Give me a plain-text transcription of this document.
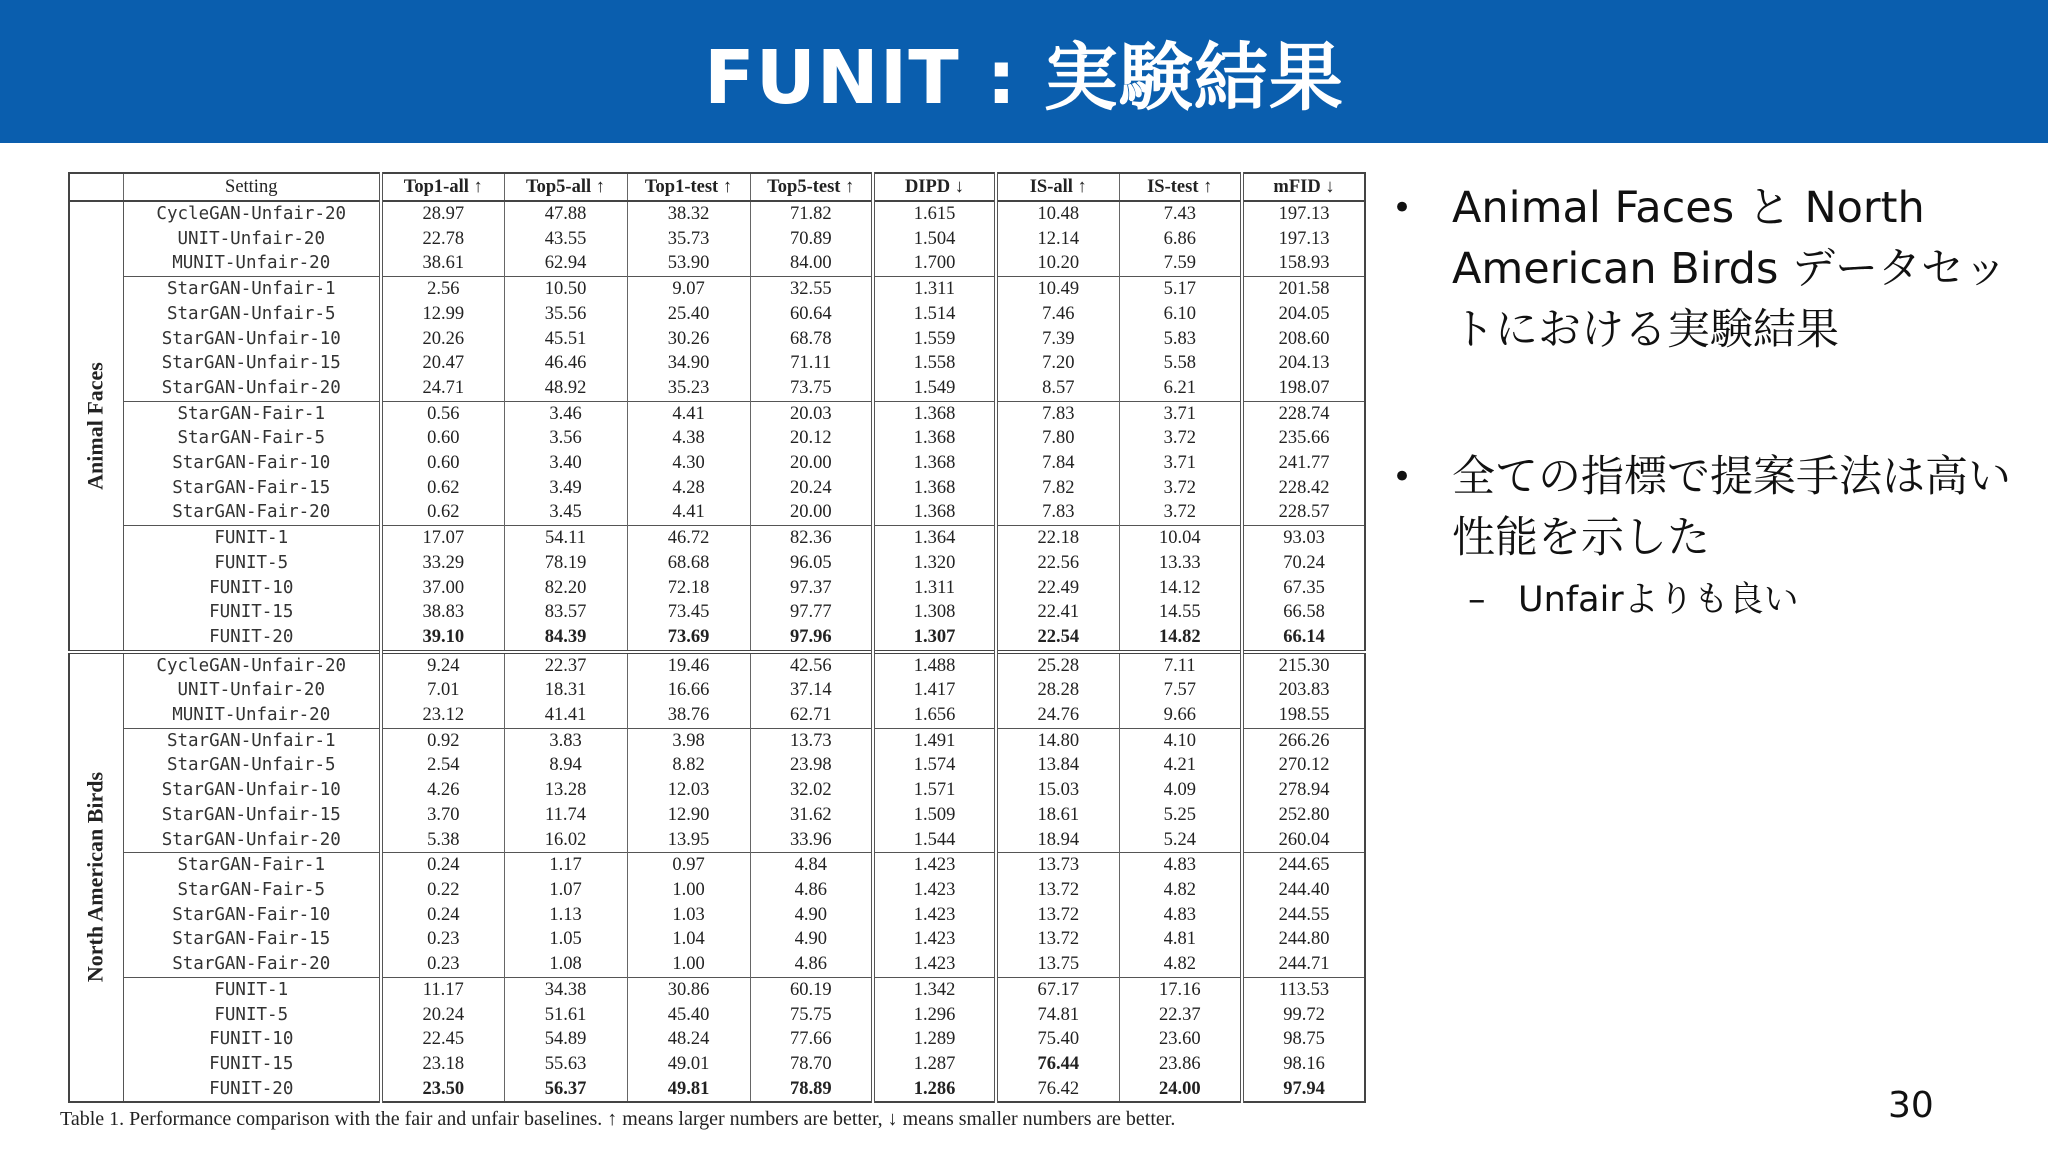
FUNIT : 実験結果
	Setting	Top1-all ↑	Top5-all ↑	Top1-test ↑	Top5-test ↑	DIPD ↓	IS-all ↑	IS-test ↑	mFID ↓

Animal Faces	CycleGAN-Unfair-20	28.97	47.88	38.32	71.82	1.615	10.48	7.43	197.13
	UNIT-Unfair-20	22.78	43.55	35.73	70.89	1.504	12.14	6.86	197.13
	MUNIT-Unfair-20	38.61	62.94	53.90	84.00	1.700	10.20	7.59	158.93
	StarGAN-Unfair-1	2.56	10.50	9.07	32.55	1.311	10.49	5.17	201.58
	StarGAN-Unfair-5	12.99	35.56	25.40	60.64	1.514	7.46	6.10	204.05
	StarGAN-Unfair-10	20.26	45.51	30.26	68.78	1.559	7.39	5.83	208.60
	StarGAN-Unfair-15	20.47	46.46	34.90	71.11	1.558	7.20	5.58	204.13
	StarGAN-Unfair-20	24.71	48.92	35.23	73.75	1.549	8.57	6.21	198.07
	StarGAN-Fair-1	0.56	3.46	4.41	20.03	1.368	7.83	3.71	228.74
	StarGAN-Fair-5	0.60	3.56	4.38	20.12	1.368	7.80	3.72	235.66
	StarGAN-Fair-10	0.60	3.40	4.30	20.00	1.368	7.84	3.71	241.77
	StarGAN-Fair-15	0.62	3.49	4.28	20.24	1.368	7.82	3.72	228.42
	StarGAN-Fair-20	0.62	3.45	4.41	20.00	1.368	7.83	3.72	228.57
	FUNIT-1	17.07	54.11	46.72	82.36	1.364	22.18	10.04	93.03
	FUNIT-5	33.29	78.19	68.68	96.05	1.320	22.56	13.33	70.24
	FUNIT-10	37.00	82.20	72.18	97.37	1.311	22.49	14.12	67.35
	FUNIT-15	38.83	83.57	73.45	97.77	1.308	22.41	14.55	66.58
	FUNIT-20	39.10	84.39	73.69	97.96	1.307	22.54	14.82	66.14

North American Birds	CycleGAN-Unfair-20	9.24	22.37	19.46	42.56	1.488	25.28	7.11	215.30
	UNIT-Unfair-20	7.01	18.31	16.66	37.14	1.417	28.28	7.57	203.83
	MUNIT-Unfair-20	23.12	41.41	38.76	62.71	1.656	24.76	9.66	198.55
	StarGAN-Unfair-1	0.92	3.83	3.98	13.73	1.491	14.80	4.10	266.26
	StarGAN-Unfair-5	2.54	8.94	8.82	23.98	1.574	13.84	4.21	270.12
	StarGAN-Unfair-10	4.26	13.28	12.03	32.02	1.571	15.03	4.09	278.94
	StarGAN-Unfair-15	3.70	11.74	12.90	31.62	1.509	18.61	5.25	252.80
	StarGAN-Unfair-20	5.38	16.02	13.95	33.96	1.544	18.94	5.24	260.04
	StarGAN-Fair-1	0.24	1.17	0.97	4.84	1.423	13.73	4.83	244.65
	StarGAN-Fair-5	0.22	1.07	1.00	4.86	1.423	13.72	4.82	244.40
	StarGAN-Fair-10	0.24	1.13	1.03	4.90	1.423	13.72	4.83	244.55
	StarGAN-Fair-15	0.23	1.05	1.04	4.90	1.423	13.72	4.81	244.80
	StarGAN-Fair-20	0.23	1.08	1.00	4.86	1.423	13.75	4.82	244.71
	FUNIT-1	11.17	34.38	30.86	60.19	1.342	67.17	17.16	113.53
	FUNIT-5	20.24	51.61	45.40	75.75	1.296	74.81	22.37	99.72
	FUNIT-10	22.45	54.89	48.24	77.66	1.289	75.40	23.60	98.75
	FUNIT-15	23.18	55.63	49.01	78.70	1.287	76.44	23.86	98.16
	FUNIT-20	23.50	56.37	49.81	78.89	1.286	76.42	24.00	97.94
Table 1. Performance comparison with the fair and unfair baselines. ↑ means larger numbers are better, ↓ means smaller numbers are better.
• Animal Faces と North American Birds データセットにおける実験結果
• 全ての指標で提案手法は高い性能を示した
– Unfairよりも良い
30
